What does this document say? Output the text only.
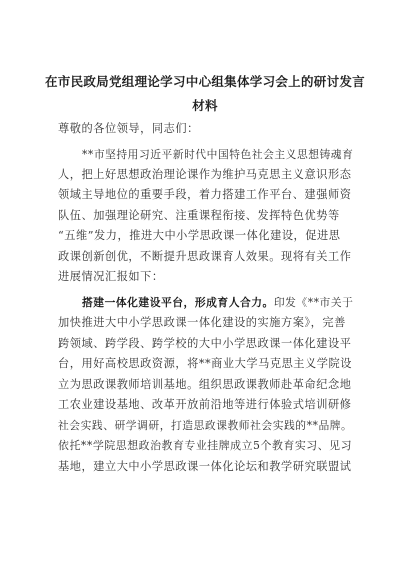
在市民政局党组理论学习中心组集体学习会上的研讨发言
材料
尊敬的各位领导，同志们：
**市坚持用习近平新时代中国特色社会主义思想铸魂育
人，把上好思想政治理论课作为维护马克思主义意识形态
领域主导地位的重要手段，着力搭建工作平台、建强师资
队伍、加强理论研究、注重课程衔接、发挥特色优势等
“五维”发力，推进大中小学思政课一体化建设，促进思
政课创新创优，不断提升思政课育人效果。现将有关工作
进展情况汇报如下：
搭建一体化建设平台，形成育人合力。印发《**市关于
加快推进大中小学思政课一体化建设的实施方案》，完善
跨领域、跨学段、跨学校的大中小学思政课一体化建设平
台，用好高校思政资源，将**商业大学马克思主义学院设
立为思政课教师培训基地。组织思政课教师赴革命纪念地
工农业建设基地、改革开放前沿地等进行体验式培训研修
社会实践、研学调研，打造思政课教师社会实践的**品牌。
依托**学院思想政治教育专业挂牌成立5个教育实习、见习
基地，建立大中小学思政课一体化论坛和教学研究联盟试
